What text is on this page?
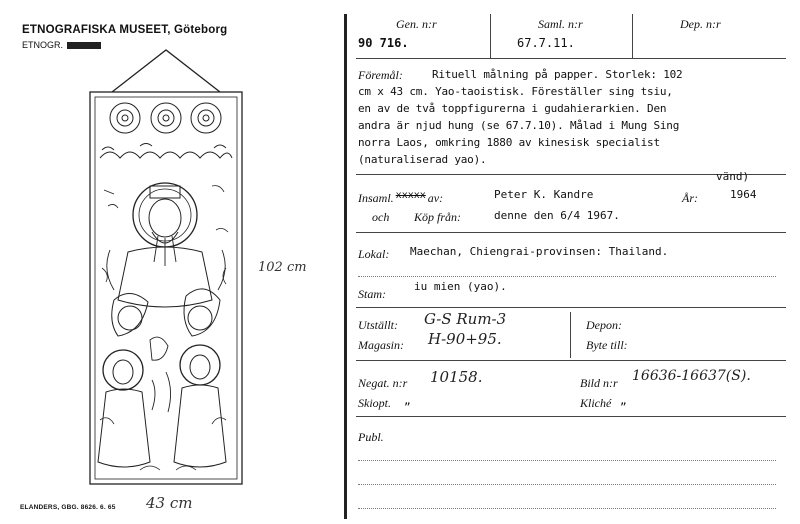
ETNOGRAFISKA MUSEET, Göteborg
ETNOGR.
102 cm
43 cm
ELANDERS, GBG. 8626. 6. 65
Gen. n:r
90 716.
Saml. n:r
67.7.11.
Dep. n:r
Föremål:	Rituell målning på papper. Storlek: 102
cm x 43 cm. Yao-taoistisk. Föreställer sing tsiu,
en av de två toppfigurerna i gudahierarkien. Den
andra är njud hung (se 67.7.10). Målad i Mung Sing
norra Laos, omkring 1880 av kinesisk specialist
(naturaliserad yao).
vänd)
Insaml. $^{xxxxx}$ av:	Peter K. Kandre	År:	1964
och Köp från:	denne den 6/4 1967.
Lokal: Maechan, Chiengrai-provinsen: Thailand.
iu mien (yao).
Stam:
Utställt: G-S Rum-3	Depon:
Magasin: H-90+95.	Byte till:
Negat. n:r 10158.	Bild n:r 16636-16637(S).
Skiopt. „	Kliché „
Publ.
